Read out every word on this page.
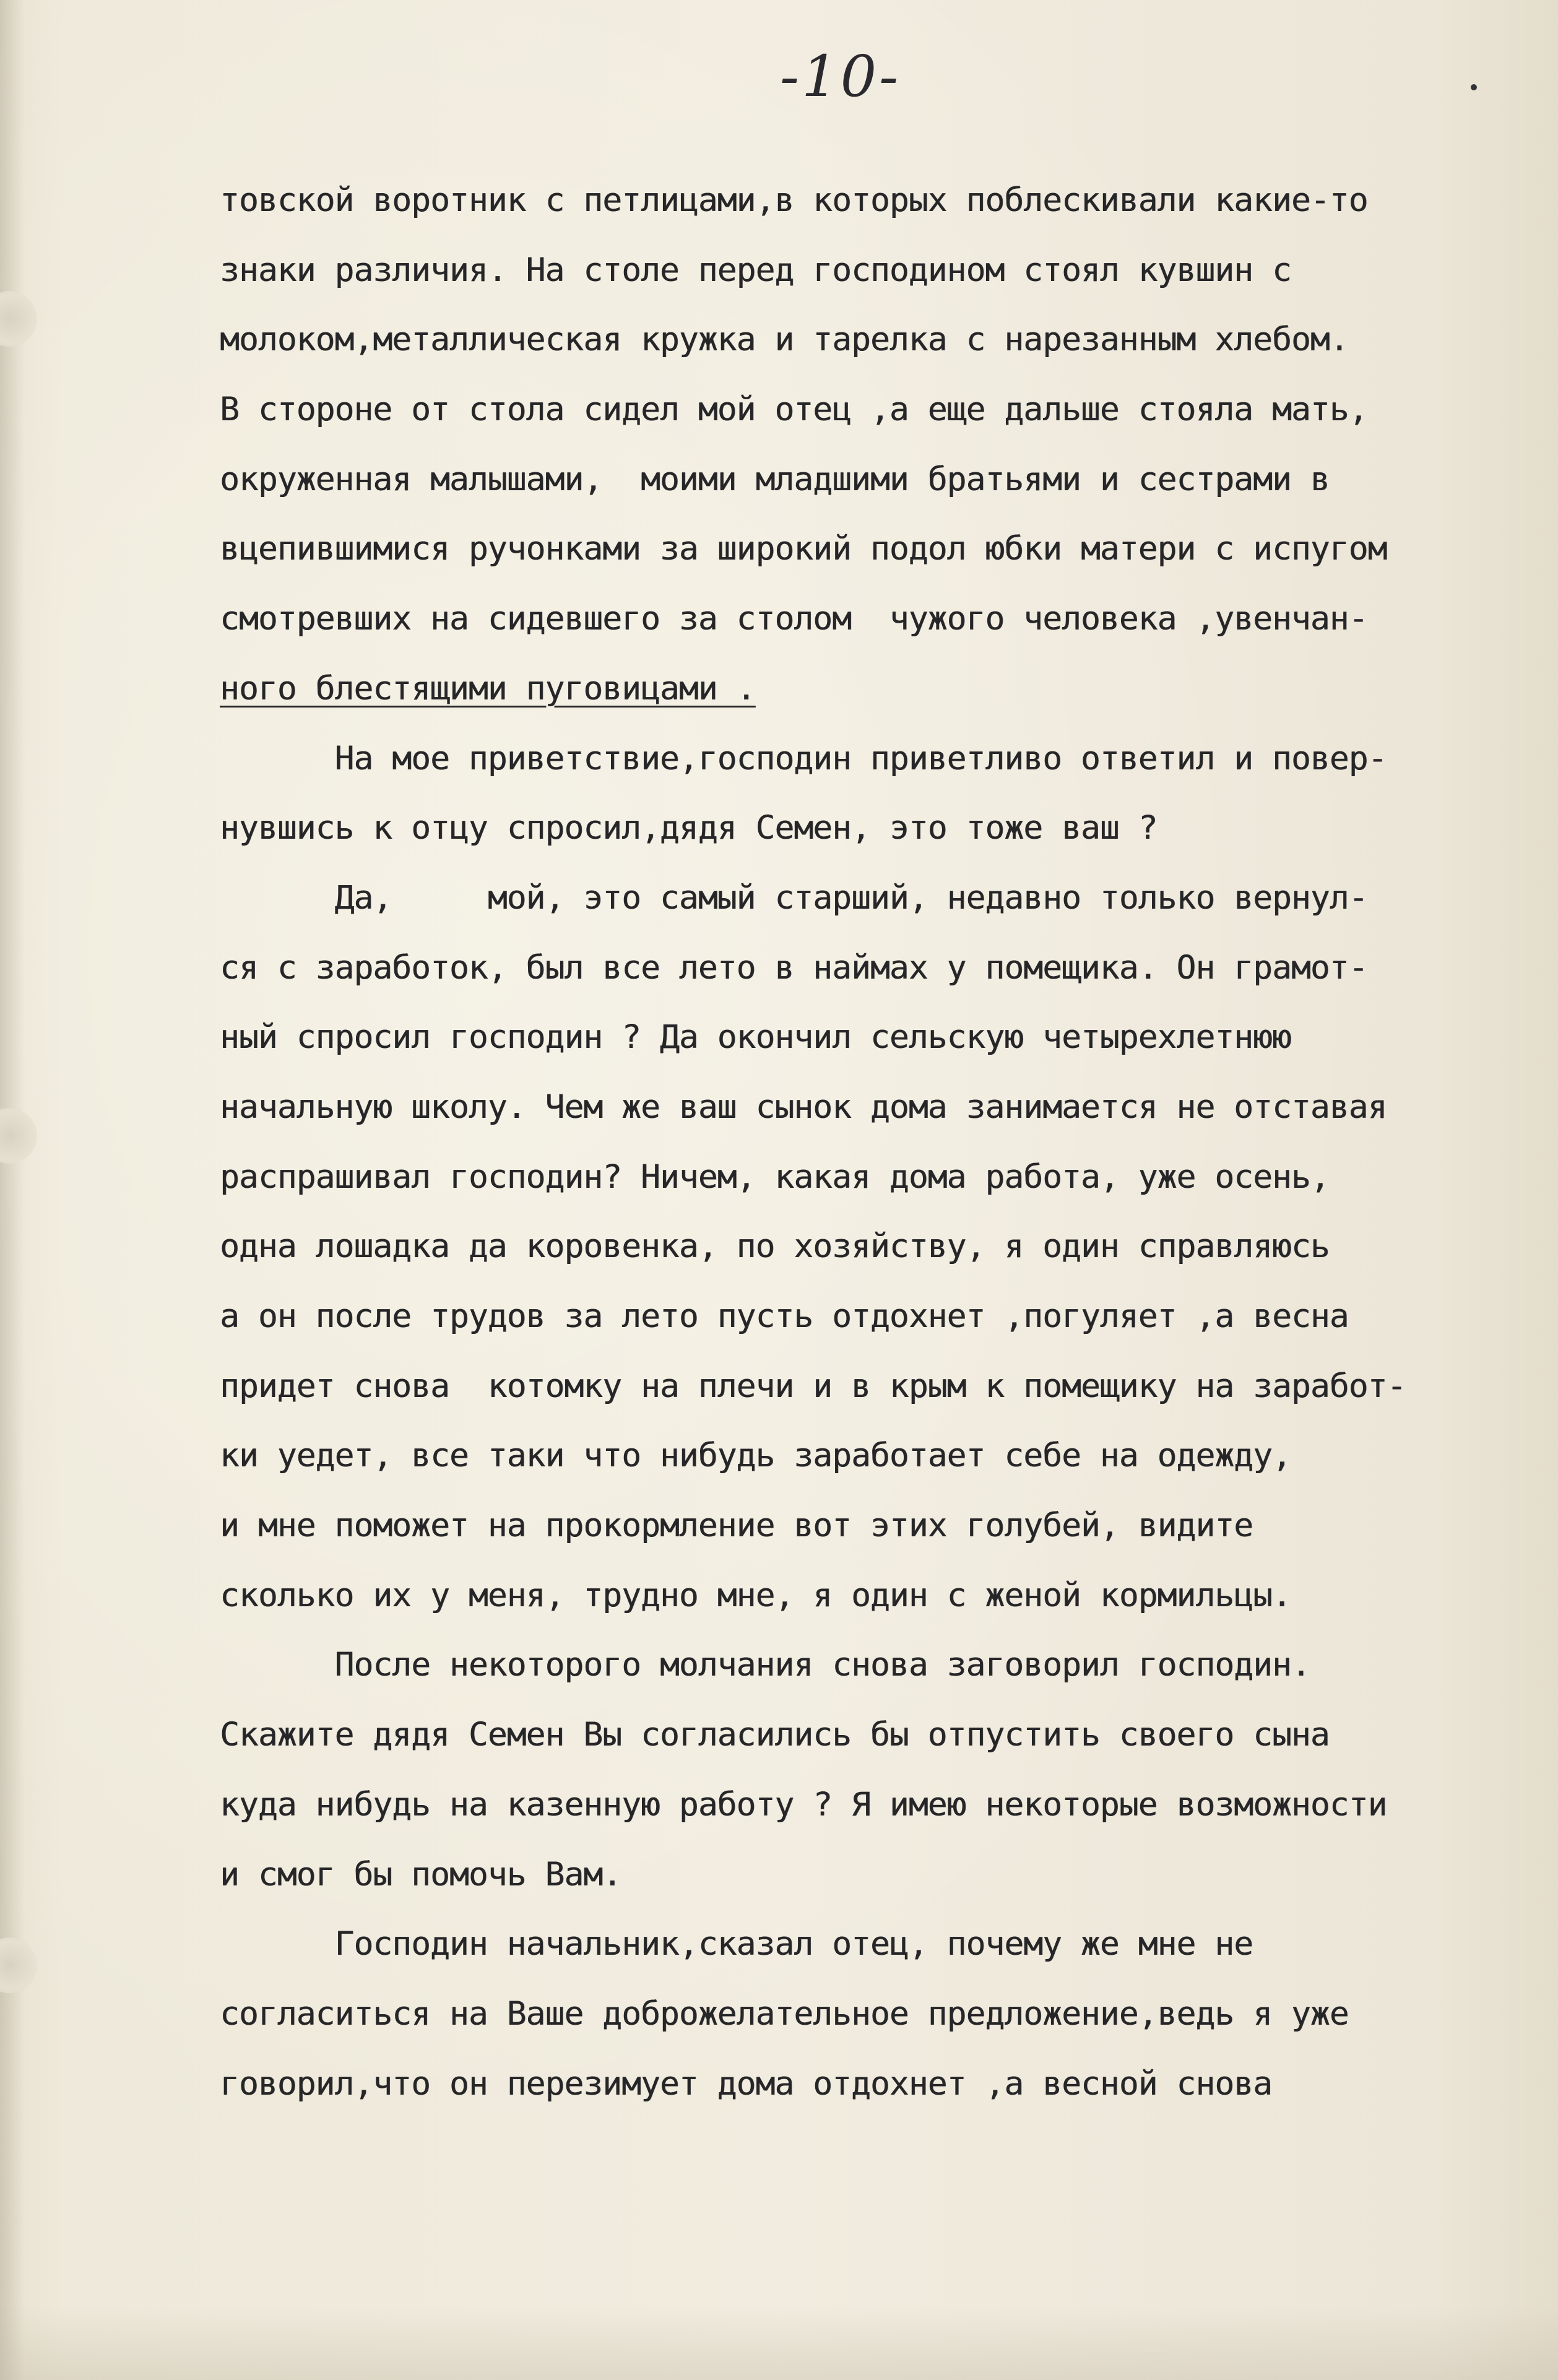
-10-
товской воротник с петлицами,в которых поблескивали какие-то
знаки различия. На столе перед господином стоял кувшин с
молоком,металлическая кружка и тарелка с нарезанным хлебом.
В стороне от стола сидел мой отец ,а еще дальше стояла мать,
окруженная малышами,  моими младшими братьями и сестрами в
вцепившимися ручонками за широкий подол юбки матери с испугом
смотревших на сидевшего за столом  чужого человека ,увенчан-
ного блестящими пуговицами .
На мое приветствие,господин приветливо ответил и повер-
нувшись к отцу спросил,дядя Семен, это тоже ваш ?
Да,     мой, это самый старший, недавно только вернул-
ся с заработок, был все лето в наймах у помещика. Он грамот-
ный спросил господин ? Да окончил сельскую четырехлетнюю
начальную школу. Чем же ваш сынок дома занимается не отставая
распрашивал господин? Ничем, какая дома работа, уже осень,
одна лошадка да коровенка, по хозяйству, я один справляюсь
а он после трудов за лето пусть отдохнет ,погуляет ,а весна
придет снова  котомку на плечи и в крым к помещику на заработ-
ки уедет, все таки что нибудь заработает себе на одежду,
и мне поможет на прокормление вот этих голубей, видите
сколько их у меня, трудно мне, я один с женой кормильцы.
После некоторого молчания снова заговорил господин.
Скажите дядя Семен Вы согласились бы отпустить своего сына
куда нибудь на казенную работу ? Я имею некоторые возможности
и смог бы помочь Вам.
Господин начальник,сказал отец, почему же мне не
согласиться на Ваше доброжелательное предложение,ведь я уже
говорил,что он перезимует дома отдохнет ,а весной снова
